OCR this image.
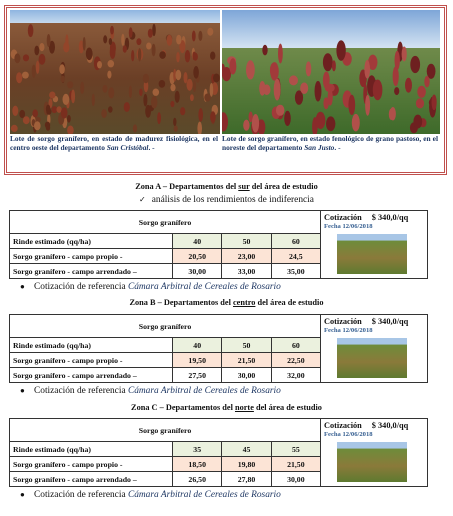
Lote de sorgo granífero, en estado de madurez fisiológica, en el centro oeste del departamento San Cristóbal. -
Lote de sorgo granífero, en estado fenológico de grano pastoso, en el noreste del departamento San Justo. -
Zona A – Departamentos del sur del área de estudio
✓ análisis de los rendimientos de indiferencia
Sorgo granífero				Cotización $ 340,0/qq
Fecha 12/06/2018

Rinde estimado (qq/ha)	40	50	60	
Sorgo granífero - campo propio -	20,50	23,00	24,5	
Sorgo granífero - campo arrendado –	30,00	33,00	35,00	
● Cotización de referencia Cámara Arbitral de Cereales de Rosario
Zona B – Departamentos del centro del área de estudio
Sorgo granífero				Cotización $ 340,0/qq
Fecha 12/06/2018

Rinde estimado (qq/ha)	40	50	60	
Sorgo granífero - campo propio -	19,50	21,50	22,50	
Sorgo granífero - campo arrendado –	27,50	30,00	32,00	
● Cotización de referencia Cámara Arbitral de Cereales de Rosario
Zona C – Departamentos del norte del área de estudio
Sorgo granífero				Cotización $ 340,0/qq
Fecha 12/06/2018

Rinde estimado (qq/ha)	35	45	55	
Sorgo granífero - campo propio -	18,50	19,80	21,50	
Sorgo granífero - campo arrendado –	26,50	27,80	30,00	
● Cotización de referencia Cámara Arbitral de Cereales de Rosario
